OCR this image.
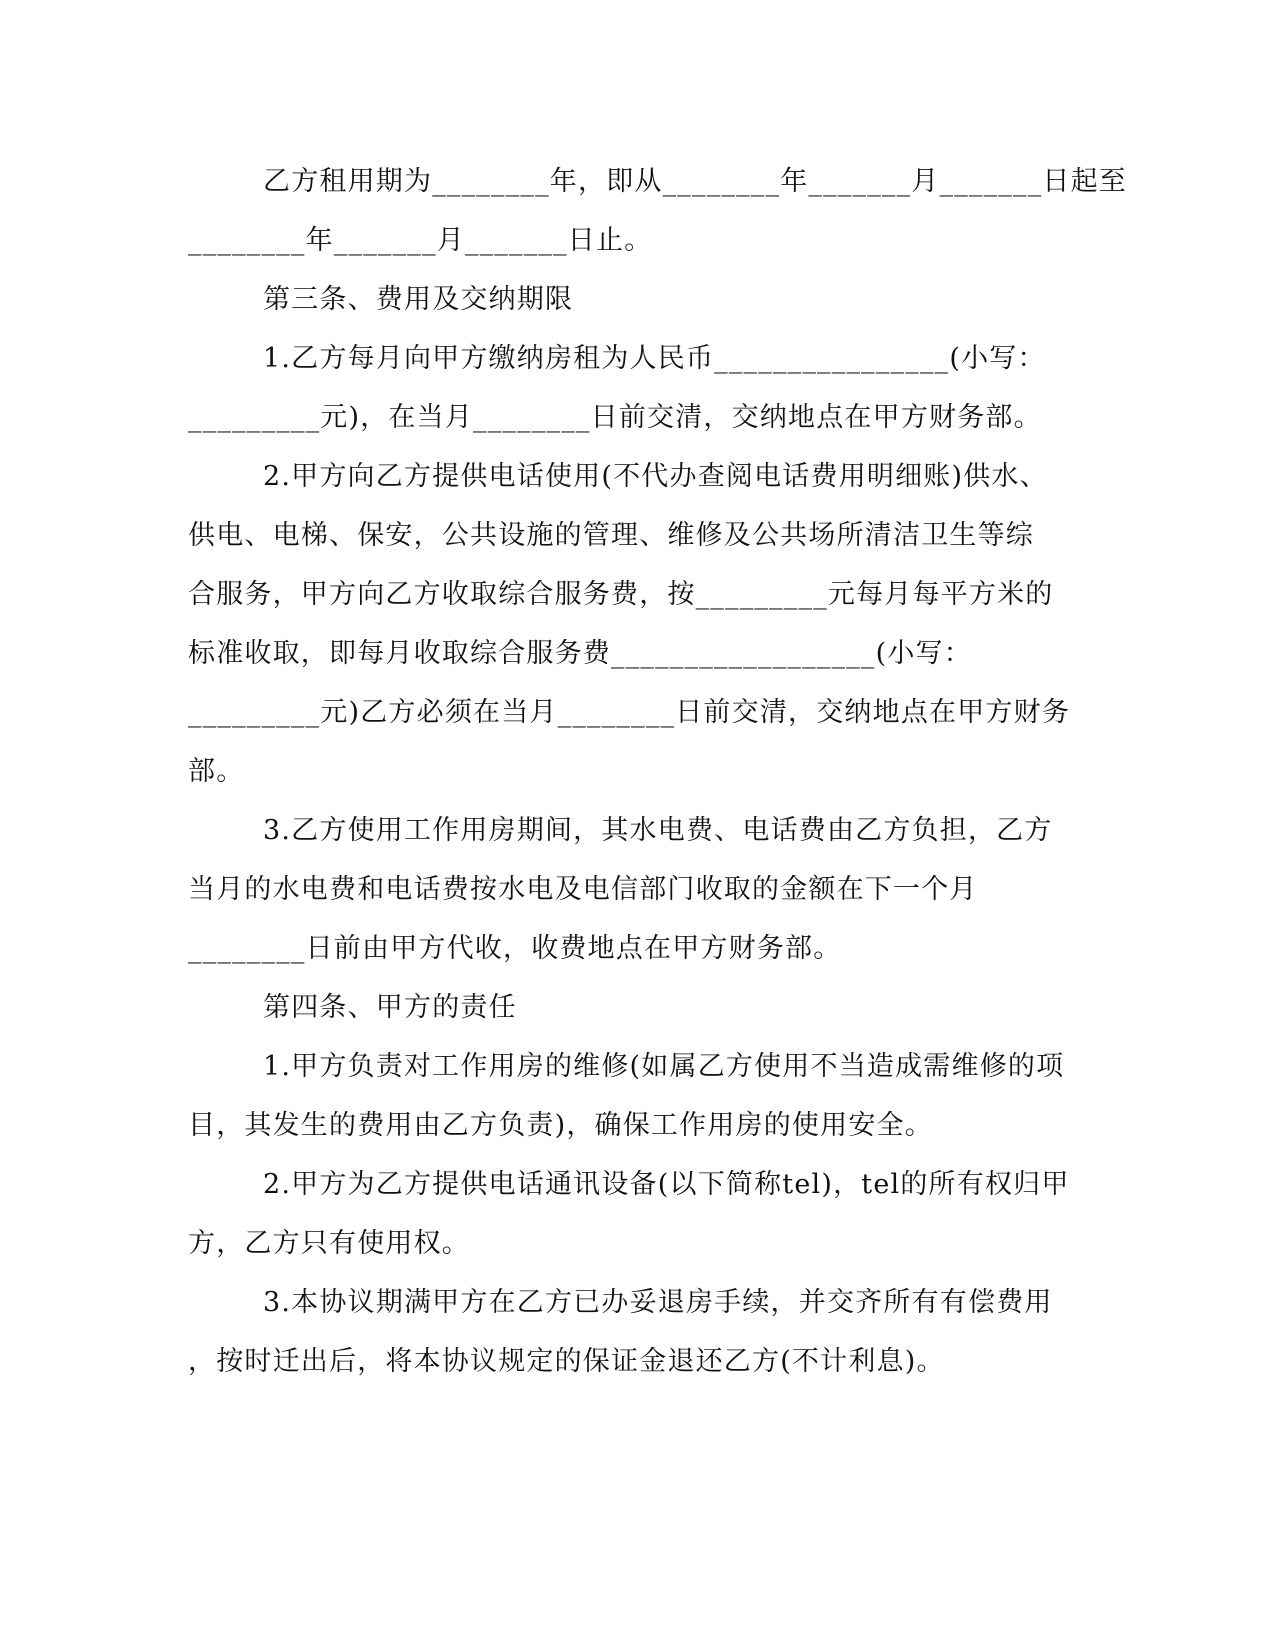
乙方租用期为________年，即从________年_______月_______日起至
________年_______月_______日止。
第三条、费用及交纳期限
1.乙方每月向甲方缴纳房租为人民币________________(小写：
_________元)，在当月________日前交清，交纳地点在甲方财务部。
2.甲方向乙方提供电话使用(不代办查阅电话费用明细账)供水、
供电、电梯、保安，公共设施的管理、维修及公共场所清洁卫生等综
合服务，甲方向乙方收取综合服务费，按_________元每月每平方米的
标准收取，即每月收取综合服务费__________________(小写：
_________元)乙方必须在当月________日前交清，交纳地点在甲方财务
部。
3.乙方使用工作用房期间，其水电费、电话费由乙方负担，乙方
当月的水电费和电话费按水电及电信部门收取的金额在下一个月
________日前由甲方代收，收费地点在甲方财务部。
第四条、甲方的责任
1.甲方负责对工作用房的维修(如属乙方使用不当造成需维修的项
目，其发生的费用由乙方负责)，确保工作用房的使用安全。
2.甲方为乙方提供电话通讯设备(以下简称tel)，tel的所有权归甲
方，乙方只有使用权。
3.本协议期满甲方在乙方已办妥退房手续，并交齐所有有偿费用
，按时迁出后，将本协议规定的保证金退还乙方(不计利息)。
